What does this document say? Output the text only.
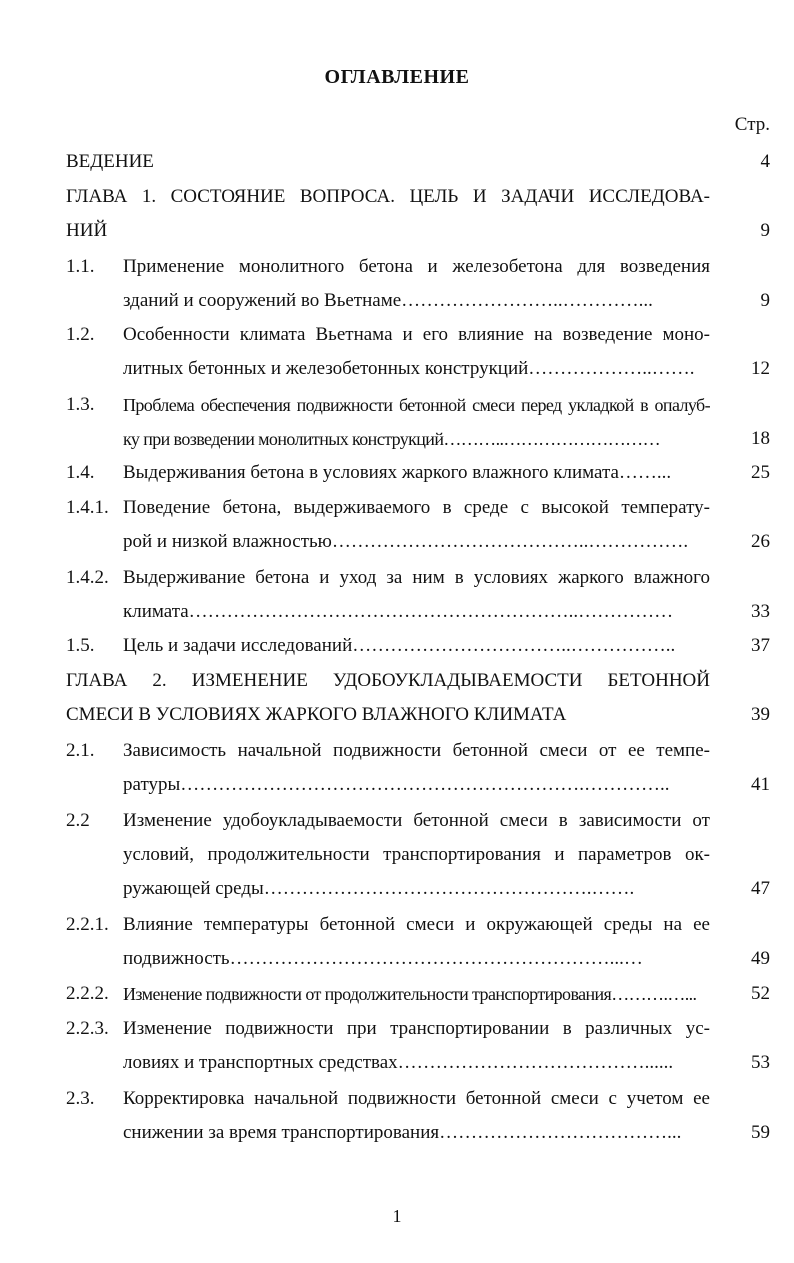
ОГЛАВЛЕНИЕ
Стр.
ВЕДЕНИЕ	4
ГЛАВА 1. СОСТОЯНИЕ ВОПРОСА. ЦЕЛЬ И ЗАДАЧИ ИССЛЕДОВА-
НИЙ	9
1.1. Применение монолитного бетона и железобетона для возведения
зданий и сооружений во Вьетнаме……………………..…………...	9
1.2. Особенности климата Вьетнама и его влияние на возведение моно-
литных бетонных и железобетонных конструкций………………..…….	12
1.3. Проблема обеспечения подвижности бетонной смеси перед укладкой в опалуб-
ку при возведении монолитных конструкций………..………………………	18
1.4. Выдерживания бетона в условиях жаркого влажного климата……...	25
1.4.1. Поведение бетона, выдерживаемого в среде с высокой температу-
рой и низкой влажностью…………………………………..…………….	26
1.4.2. Выдерживание бетона и уход за ним в условиях жаркого влажного
климата……………………………………………………..……………	33
1.5. Цель и задачи исследований……………………………..……………..	37
ГЛАВА 2. ИЗМЕНЕНИЕ УДОБОУКЛАДЫВАЕМОСТИ БЕТОННОЙ
СМЕСИ В УСЛОВИЯХ ЖАРКОГО ВЛАЖНОГО КЛИМАТА	39
2.1. Зависимость начальной подвижности бетонной смеси от ее темпе-
ратуры……………………………………………………….…………..	41
2.2 Изменение удобоукладываемости бетонной смеси в зависимости от
условий, продолжительности транспортирования и параметров ок-
ружающей среды…………………………………………….…….	47
2.2.1. Влияние температуры бетонной смеси и окружающей среды на ее
подвижность……………………………………………………...…	49
2.2.2. Изменение подвижности от продолжительности транспортирования……….…...	52
2.2.3. Изменение подвижности при транспортировании в различных ус-
ловиях и транспортных средствах…………………………………......	53
2.3. Корректировка начальной подвижности бетонной смеси с учетом ее
снижении за время транспортирования………………………………...	59
1
